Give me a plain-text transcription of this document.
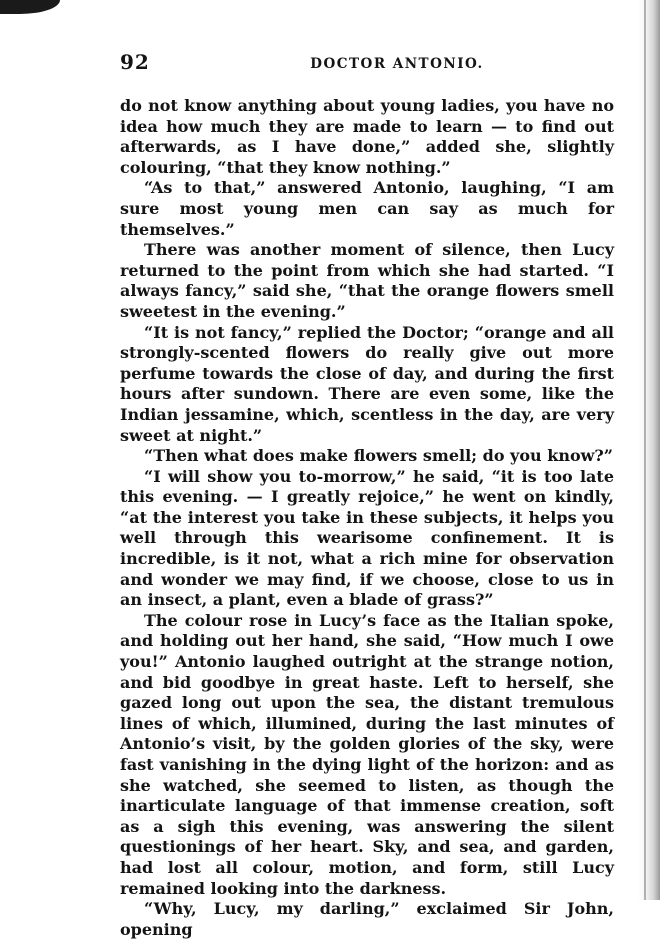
92	DOCTOR ANTONIO.

do not know anything about young ladies, you have no idea how much they are made to learn — to find out afterwards, as I have done,” added she, slightly colouring, “that they know nothing.”

“As to that,” answered Antonio, laughing, “I am sure most young men can say as much for themselves.”

There was another moment of silence, then Lucy returned to the point from which she had started. “I always fancy,” said she, “that the orange flowers smell sweetest in the evening.”

“It is not fancy,” replied the Doctor; “orange and all strongly-scented flowers do really give out more perfume towards the close of day, and during the first hours after sundown. There are even some, like the Indian jessamine, which, scentless in the day, are very sweet at night.”

“Then what does make flowers smell; do you know?”

“I will show you to-morrow,” he said, “it is too late this evening. — I greatly rejoice,” he went on kindly, “at the interest you take in these subjects, it helps you well through this wearisome confinement. It is incredible, is it not, what a rich mine for observation and wonder we may find, if we choose, close to us in an insect, a plant, even a blade of grass?”

The colour rose in Lucy’s face as the Italian spoke, and holding out her hand, she said, “How much I owe you!” Antonio laughed outright at the strange notion, and bid goodbye in great haste. Left to herself, she gazed long out upon the sea, the distant tremulous lines of which, illumined, during the last minutes of Antonio’s visit, by the golden glories of the sky, were fast vanishing in the dying light of the horizon: and as she watched, she seemed to listen, as though the inarticulate language of that immense creation, soft as a sigh this evening, was answering the silent questionings of her heart. Sky, and sea, and garden, had lost all colour, motion, and form, still Lucy remained looking into the darkness.

“Why, Lucy, my darling,” exclaimed Sir John, opening
